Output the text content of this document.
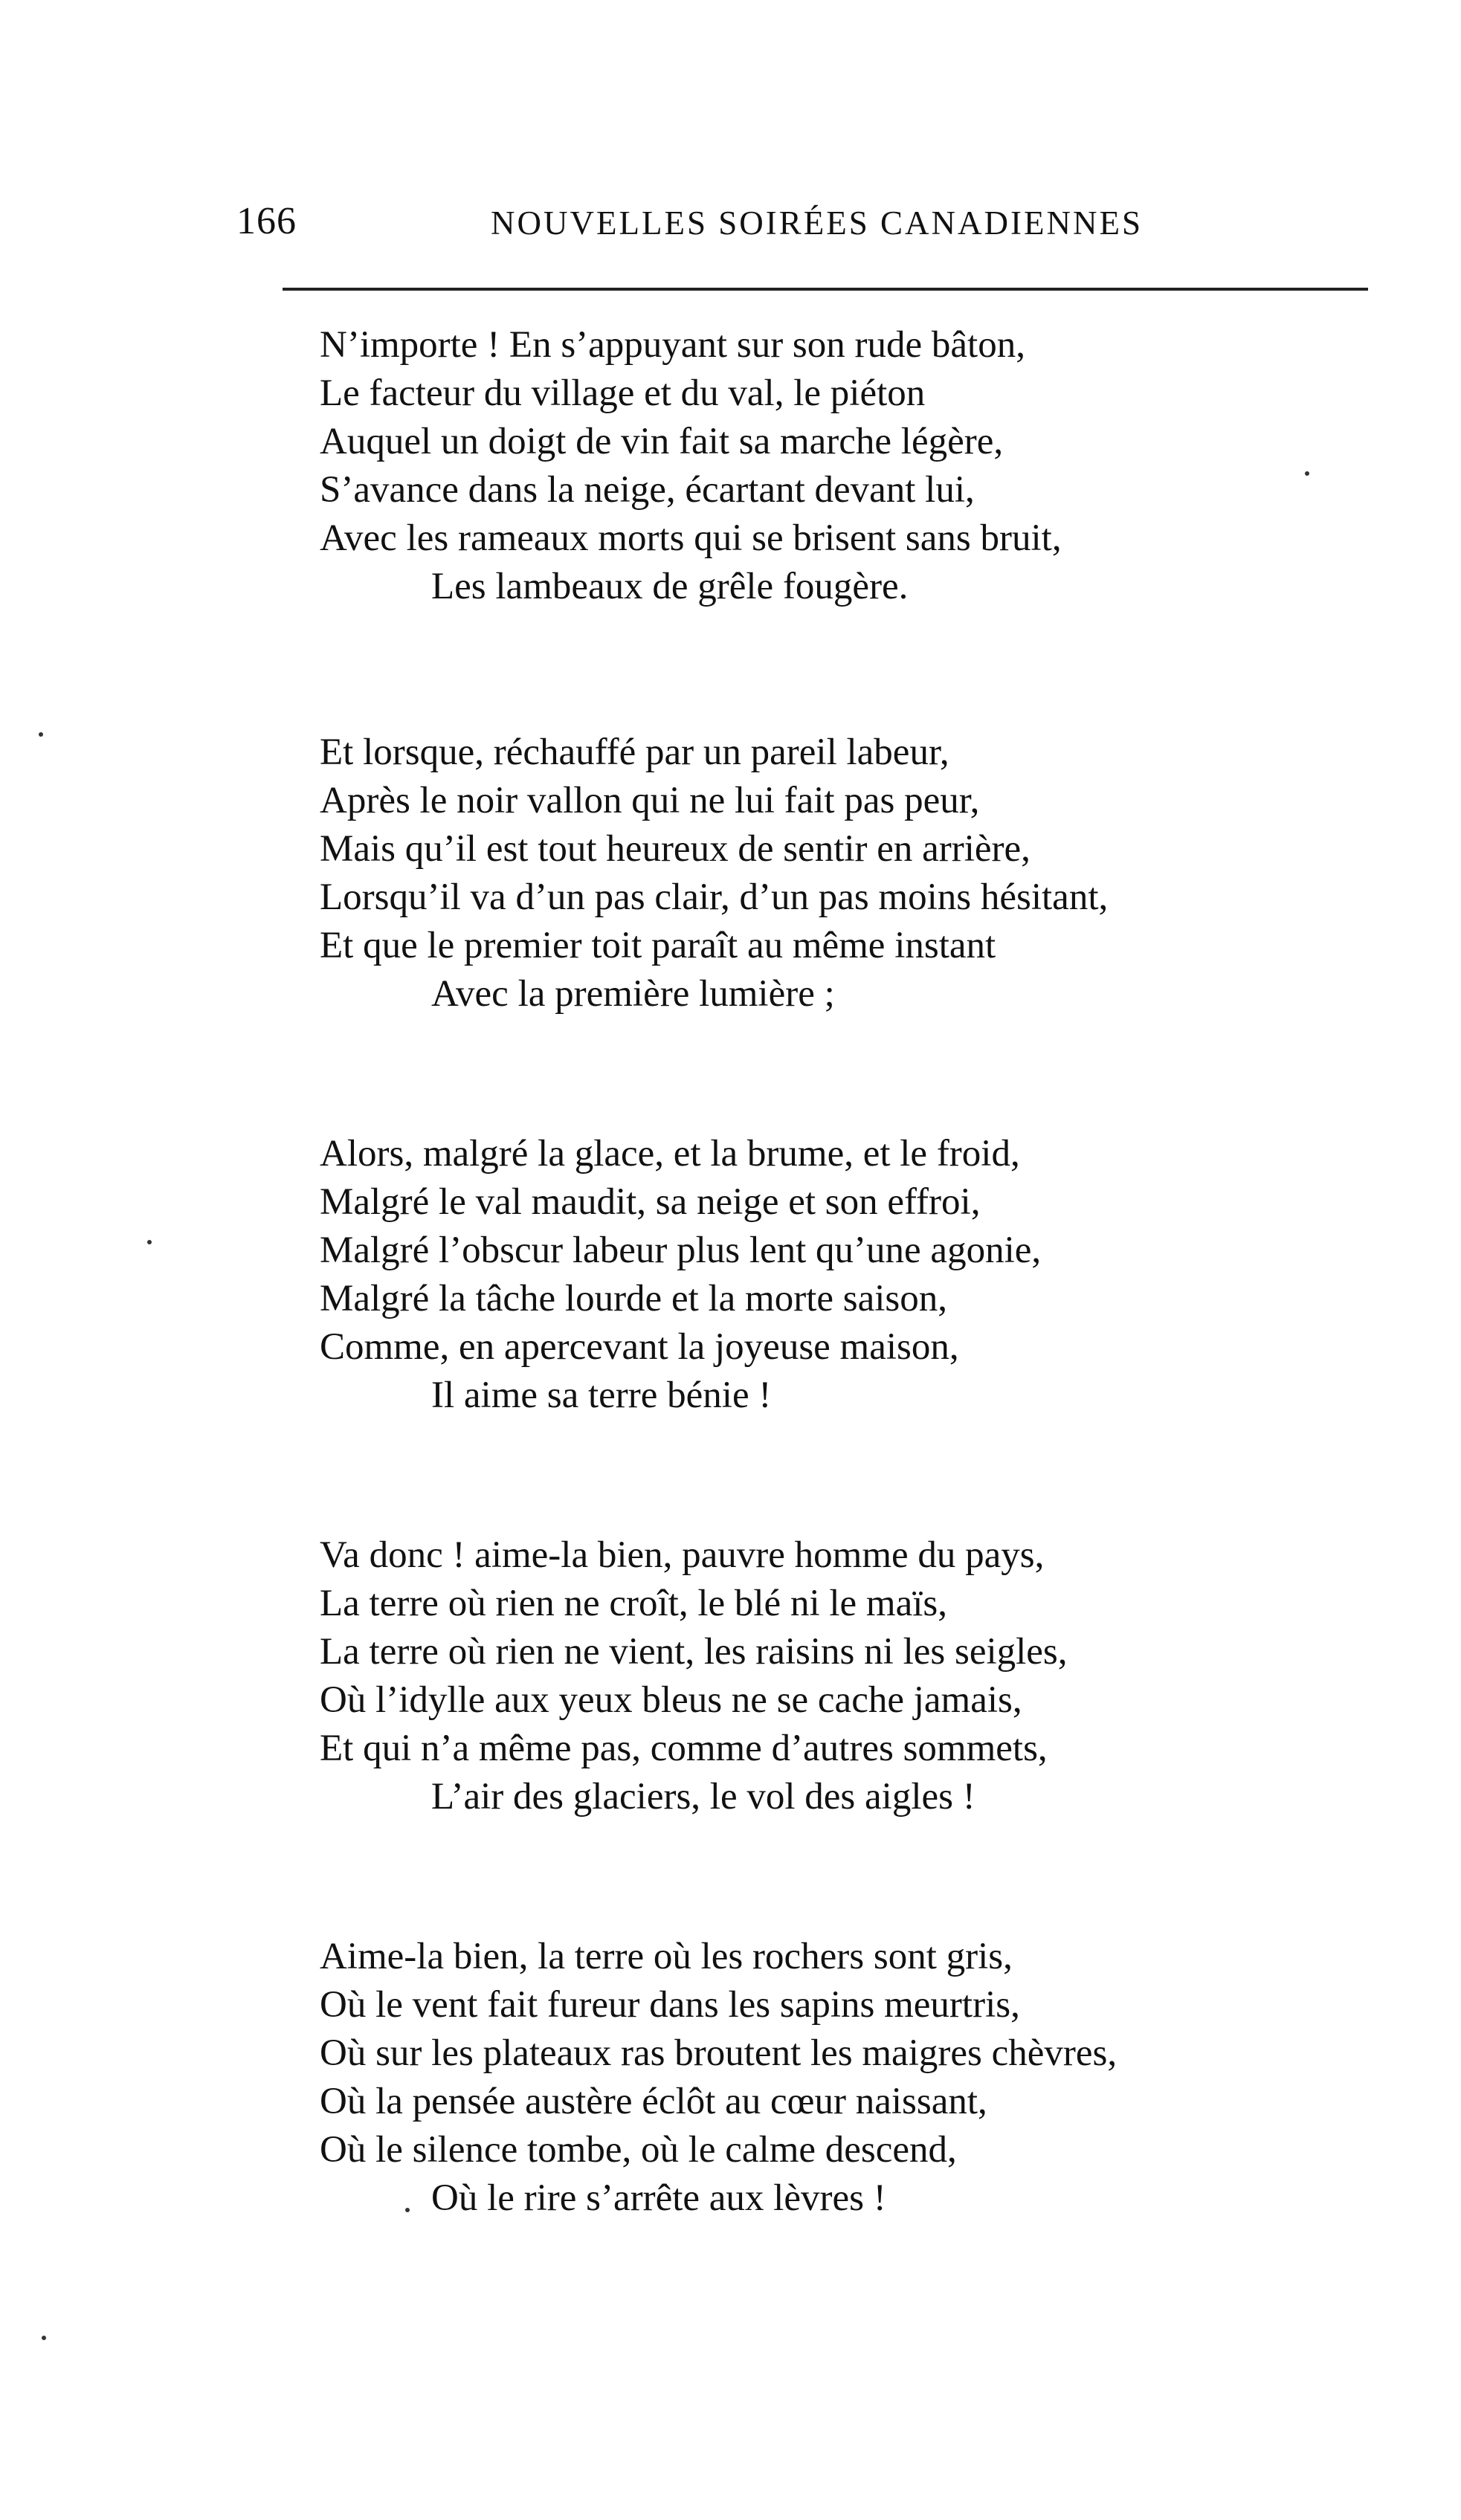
166	NOUVELLES SOIRÉES CANADIENNES
N’importe ! En s’appuyant sur son rude bâton,
Le facteur du village et du val, le piéton
Auquel un doigt de vin fait sa marche légère,
S’avance dans la neige, écartant devant lui,
Avec les rameaux morts qui se brisent sans bruit,
Les lambeaux de grêle fougère.
Et lorsque, réchauffé par un pareil labeur,
Après le noir vallon qui ne lui fait pas peur,
Mais qu’il est tout heureux de sentir en arrière,
Lorsqu’il va d’un pas clair, d’un pas moins hésitant,
Et que le premier toit paraît au même instant
Avec la première lumière ;
Alors, malgré la glace, et la brume, et le froid,
Malgré le val maudit, sa neige et son effroi,
Malgré l’obscur labeur plus lent qu’une agonie,
Malgré la tâche lourde et la morte saison,
Comme, en apercevant la joyeuse maison,
Il aime sa terre bénie !
Va donc ! aime-la bien, pauvre homme du pays,
La terre où rien ne croît, le blé ni le maïs,
La terre où rien ne vient, les raisins ni les seigles,
Où l’idylle aux yeux bleus ne se cache jamais,
Et qui n’a même pas, comme d’autres sommets,
L’air des glaciers, le vol des aigles !
Aime-la bien, la terre où les rochers sont gris,
Où le vent fait fureur dans les sapins meurtris,
Où sur les plateaux ras broutent les maigres chèvres,
Où la pensée austère éclôt au cœur naissant,
Où le silence tombe, où le calme descend,
Où le rire s’arrête aux lèvres !
